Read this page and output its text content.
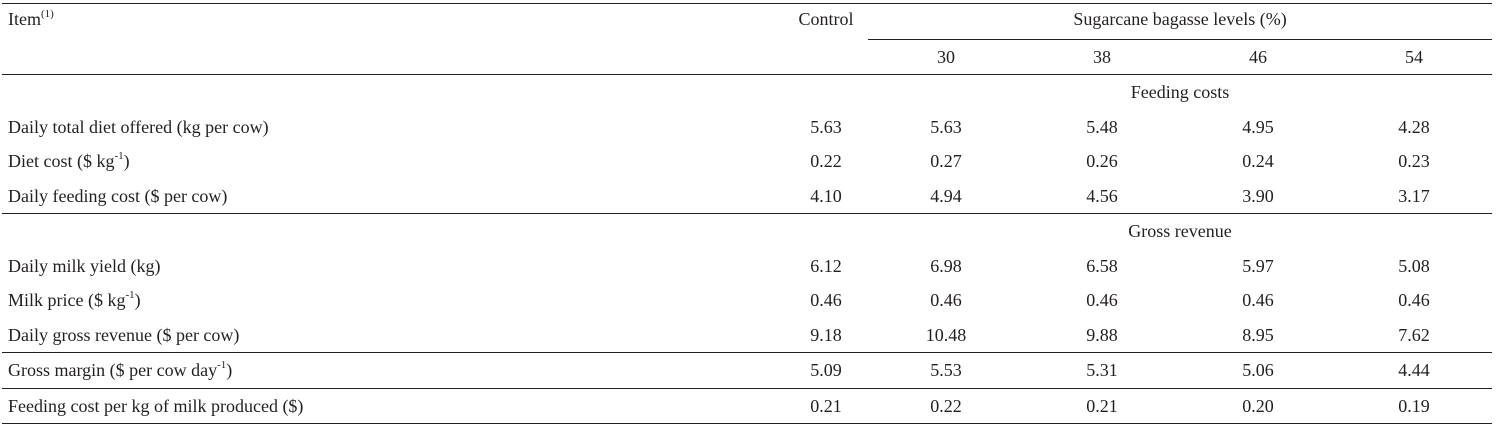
Item$^{(1)}$	Control	Sugarcane bagasse levels (%)			
		30	38	46	54
		Feeding costs			
Daily total diet offered (kg per cow)	5.63	5.63	5.48	4.95	4.28
Diet cost ($ $kg^{-1}$)	0.22	0.27	0.26	0.24	0.23
Daily feeding cost ($ per cow)	4.10	4.94	4.56	3.90	3.17
		Gross revenue			
Daily milk yield (kg)	6.12	6.98	6.58	5.97	5.08
Milk price ($ $kg^{-1}$)	0.46	0.46	0.46	0.46	0.46
Daily gross revenue ($ per cow)	9.18	10.48	9.88	8.95	7.62
Gross margin ($ per cow day$^{-1}$)	5.09	5.53	5.31	5.06	4.44
Feeding cost per kg of milk produced ($)	0.21	0.22	0.21	0.20	0.19
